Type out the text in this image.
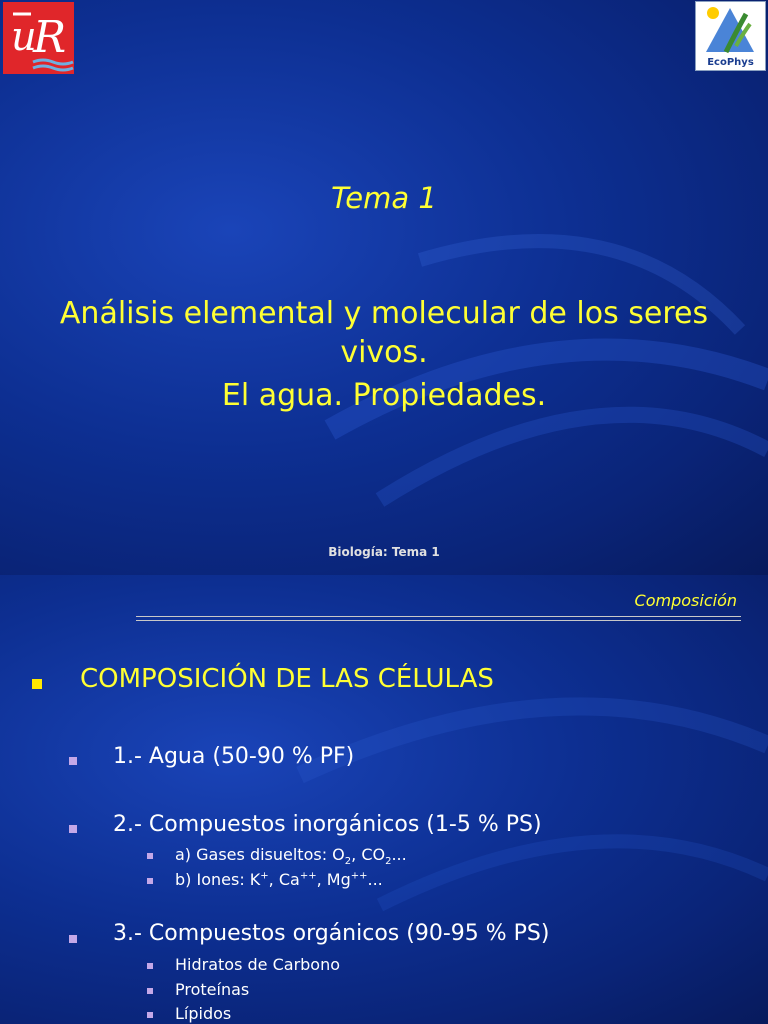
u
R	EcoPhys
Tema 1
Análisis elemental y molecular de los seres vivos.
El agua. Propiedades.
Biología: Tema 1
Composición
COMPOSICIÓN DE LAS CÉLULAS
1.- Agua (50-90 % PF)
2.- Compuestos inorgánicos (1-5 % PS)
a) Gases disueltos: $O_2$, $CO_2$...
b) Iones: K+, Ca++, Mg++...
3.- Compuestos orgánicos (90-95 % PS)
Hidratos de Carbono
Proteínas
Lípidos
